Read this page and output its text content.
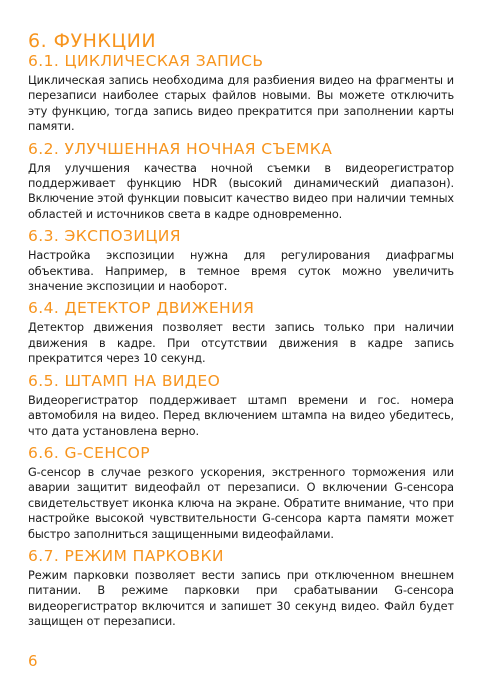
6. ФУНКЦИИ
6.1. ЦИКЛИЧЕСКАЯ ЗАПИСЬ

Циклическая запись необходима для разбиения видео на фрагменты и перезаписи наиболее старых файлов новыми. Вы можете отключить эту функцию, тогда запись видео прекратится при заполнении карты памяти.

6.2. УЛУЧШЕННАЯ НОЧНАЯ СЪЕМКА

Для улучшения качества ночной съемки в видеорегистратор поддерживает функцию HDR (высокий динамический диапазон). Включение этой функции повысит качество видео при наличии темных областей и источников света в кадре одновременно.

6.3. ЭКСПОЗИЦИЯ

Настройка экспозиции нужна для регулирования диафрагмы объектива. Например, в темное время суток можно увеличить значение экспозиции и наоборот.

6.4. ДЕТЕКТОР ДВИЖЕНИЯ

Детектор движения позволяет вести запись только при наличии движения в кадре. При отсутствии движения в кадре запись прекратится через 10 секунд.

6.5. ШТАМП НА ВИДЕО

Видеорегистратор поддерживает штамп времени и гос. номера автомобиля на видео. Перед включением штампа на видео убедитесь, что дата установлена верно.

6.6. G-СЕНСОР

G-сенсор в случае резкого ускорения, экстренного торможения или аварии защитит видеофайл от перезаписи. О включении G-сенсора свидетельствует иконка ключа на экране. Обратите внимание, что при настройке высокой чувствительности G-сенсора карта памяти может быстро заполниться защищенными видеофайлами.

6.7. РЕЖИМ ПАРКОВКИ

Режим парковки позволяет вести запись при отключенном внешнем питании. В режиме парковки при срабатывании G-сенсора видеорегистратор включится и запишет 30 секунд видео. Файл будет защищен от перезаписи.

6
